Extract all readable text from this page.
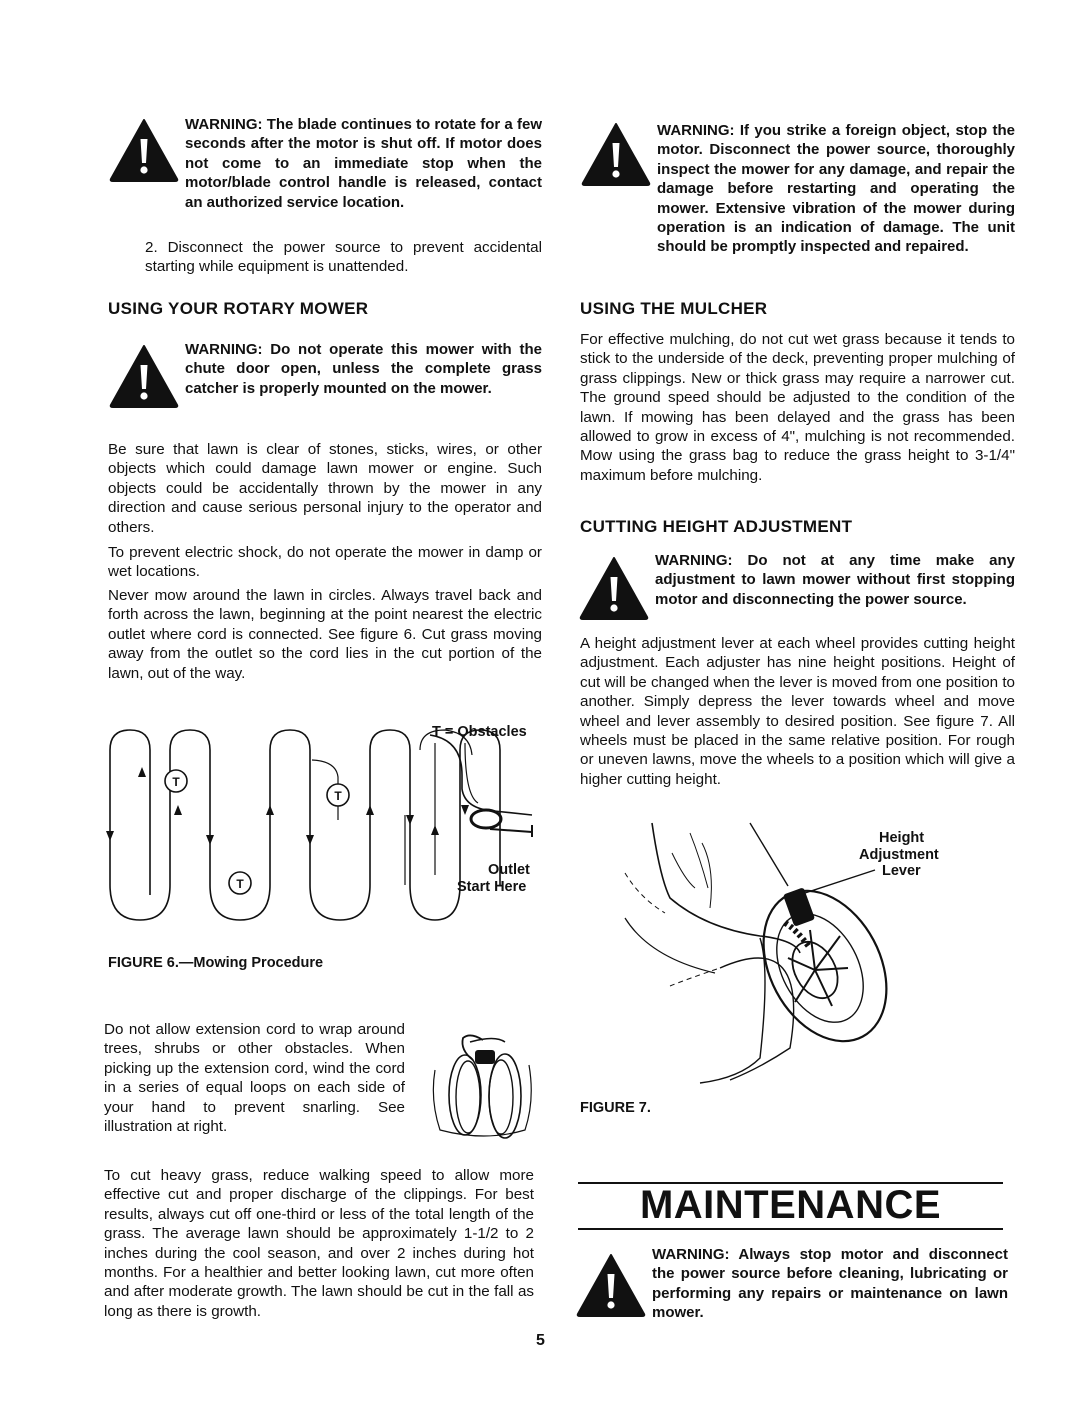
WARNING: The blade continues to rotate for a few seconds after the motor is shut off. If motor does not come to an immediate stop when the motor/blade control handle is released, contact an authorized service location.

2. Disconnect the power source to prevent accidental starting while equipment is unattended.

USING YOUR ROTARY MOWER

WARNING: Do not operate this mower with the chute door open, unless the complete grass catcher is properly mounted on the mower.

Be sure that lawn is clear of stones, sticks, wires, or other objects which could damage lawn mower or engine. Such objects could be accidentally thrown by the mower in any direction and cause serious personal injury to the operator and others.

To prevent electric shock, do not operate the mower in damp or wet locations.

Never mow around the lawn in circles. Always travel back and forth across the lawn, beginning at the point nearest the electric outlet where cord is connected. See figure 6. Cut grass moving away from the outlet so the cord lies in the cut portion of the lawn, out of the way.

T
T
T

T = Obstacles

Outlet

Start Here

FIGURE 6.—Mowing Procedure

Do not allow extension cord to wrap around trees, shrubs or other obstacles. When picking up the extension cord, wind the cord in a series of equal loops on each side of your hand to prevent snarling. See illustration at right.

To cut heavy grass, reduce walking speed to allow more effective cut and proper discharge of the clippings. For best results, always cut off one-third or less of the total length of the grass. The average lawn should be approximately 1-1/2 to 2 inches during the cool season, and over 2 inches during hot months. For a healthier and better looking lawn, cut more often and after moderate growth. The lawn should be cut in the fall as long as there is growth.

WARNING: If you strike a foreign object, stop the motor. Disconnect the power source, thoroughly inspect the mower for any damage, and repair the damage before restarting and operating the mower. Extensive vibration of the mower during operation is an indication of damage. The unit should be promptly inspected and repaired.

USING THE MULCHER

For effective mulching, do not cut wet grass because it tends to stick to the underside of the deck, preventing proper mulching of grass clippings. New or thick grass may require a narrower cut. The ground speed should be adjusted to the condition of the lawn. If mowing has been delayed and the grass has been allowed to grow in excess of 4", mulching is not recommended. Mow using the grass bag to reduce the grass height to 3-1/4" maximum before mulching.

CUTTING HEIGHT ADJUSTMENT

WARNING: Do not at any time make any adjustment to lawn mower without first stopping motor and disconnecting the power source.

A height adjustment lever at each wheel provides cutting height adjustment. Each adjuster has nine height positions. Height of cut will be changed when the lever is moved from one position to another. Simply depress the lever towards wheel and move wheel and lever assembly to desired position. See figure 7. All wheels must be placed in the same relative position. For rough or uneven lawns, move the wheels to a position which will give a higher cutting height.

Height

Adjustment

Lever

FIGURE 7.

MAINTENANCE

WARNING: Always stop motor and disconnect the power source before cleaning, lubricating or performing any repairs or maintenance on lawn mower.

5
